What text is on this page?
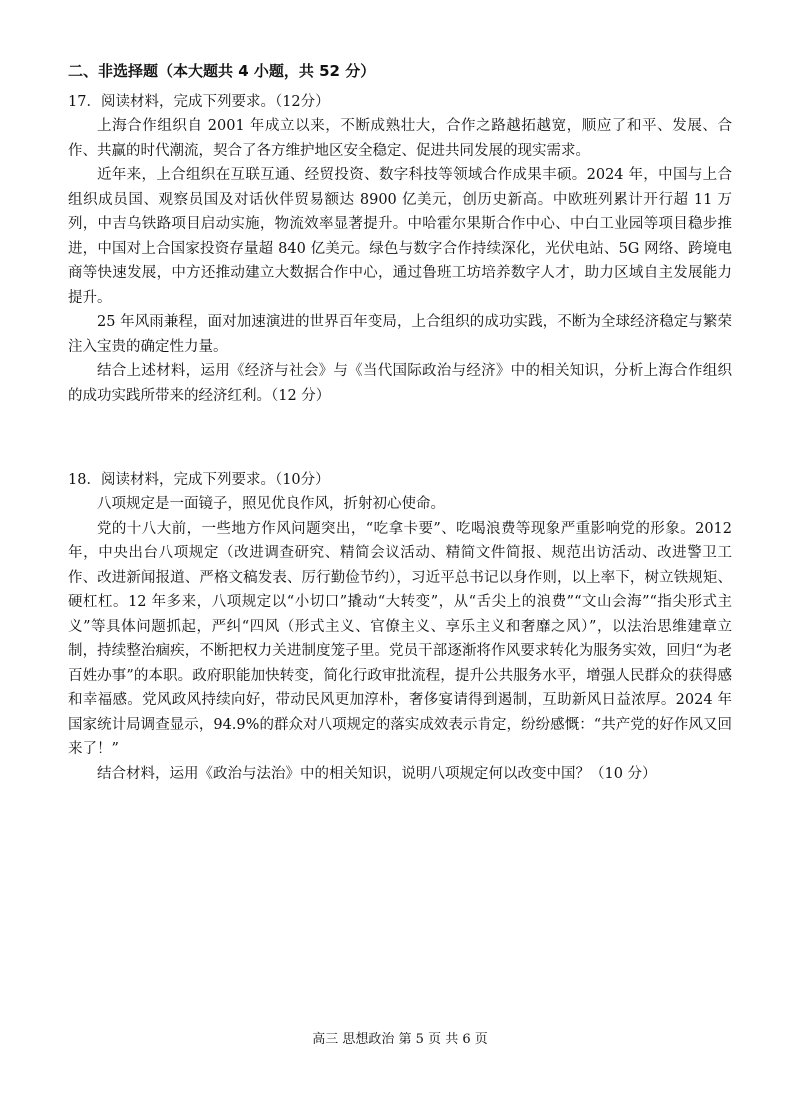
二、非选择题（本大题共 4 小题，共 52 分）
17．阅读材料，完成下列要求。（12分）

上海合作组织自 2001 年成立以来，不断成熟壮大，合作之路越拓越宽，顺应了和平、发展、合作、共赢的时代潮流，契合了各方维护地区安全稳定、促进共同发展的现实需求。

近年来，上合组织在互联互通、经贸投资、数字科技等领域合作成果丰硕。2024 年，中国与上合组织成员国、观察员国及对话伙伴贸易额达 8900 亿美元，创历史新高。中欧班列累计开行超 11 万列，中吉乌铁路项目启动实施，物流效率显著提升。中哈霍尔果斯合作中心、中白工业园等项目稳步推进，中国对上合国家投资存量超 840 亿美元。绿色与数字合作持续深化，光伏电站、5G 网络、跨境电商等快速发展，中方还推动建立大数据合作中心，通过鲁班工坊培养数字人才，助力区域自主发展能力提升。

25 年风雨兼程，面对加速演进的世界百年变局，上合组织的成功实践，不断为全球经济稳定与繁荣注入宝贵的确定性力量。

结合上述材料，运用《经济与社会》与《当代国际政治与经济》中的相关知识，分析上海合作组织的成功实践所带来的经济红利。（12 分）

18．阅读材料，完成下列要求。（10分）

八项规定是一面镜子，照见优良作风，折射初心使命。

党的十八大前，一些地方作风问题突出，“吃拿卡要”、吃喝浪费等现象严重影响党的形象。2012 年，中央出台八项规定（改进调查研究、精简会议活动、精简文件简报、规范出访活动、改进警卫工作、改进新闻报道、严格文稿发表、厉行勤俭节约），习近平总书记以身作则，以上率下，树立铁规矩、硬杠杠。12 年多来，八项规定以“小切口”撬动“大转变”，从“舌尖上的浪费”“文山会海”“指尖形式主义”等具体问题抓起，严纠“四风（形式主义、官僚主义、享乐主义和奢靡之风）”，以法治思维建章立制，持续整治痼疾，不断把权力关进制度笼子里。党员干部逐渐将作风要求转化为服务实效，回归“为老百姓办事”的本职。政府职能加快转变，简化行政审批流程，提升公共服务水平，增强人民群众的获得感和幸福感。党风政风持续向好，带动民风更加淳朴，奢侈宴请得到遏制，互助新风日益浓厚。2024 年国家统计局调查显示，94.9%的群众对八项规定的落实成效表示肯定，纷纷感慨：“共产党的好作风又回来了！”

结合材料，运用《政治与法治》中的相关知识，说明八项规定何以改变中国？（10 分）

高三 思想政治 第 5 页 共 6 页
